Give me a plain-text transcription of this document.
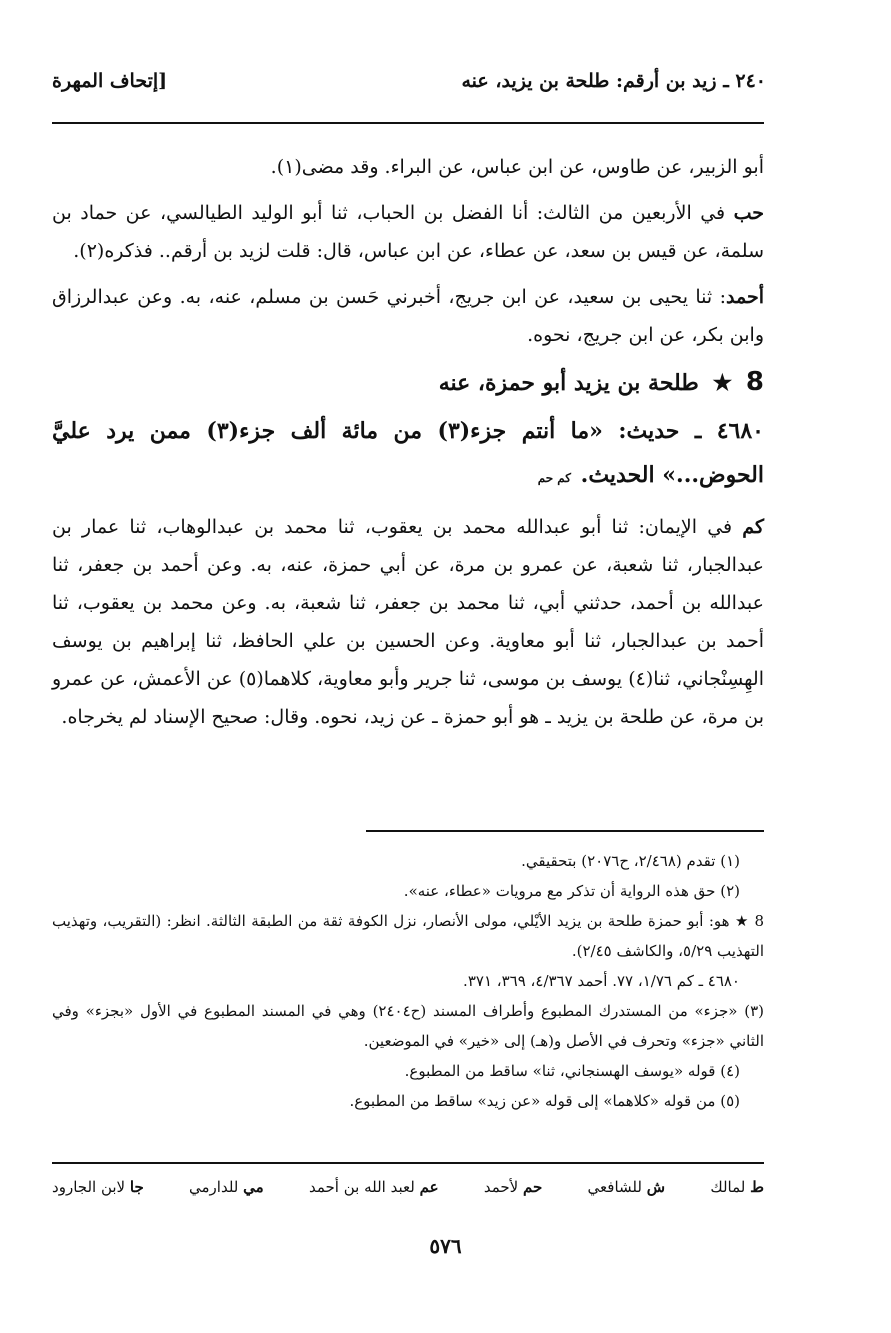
٢٤٠ ـ زيد بن أرقم: طلحة بن يزيد، عنه
[إتحاف المهرة

أبو الزبير، عن طاوس، عن ابن عباس، عن البراء. وقد مضى(١).

حب في الأربعين من الثالث: أنا الفضل بن الحباب، ثنا أبو الوليد الطيالسي، عن حماد بن سلمة، عن قيس بن سعد، عن عطاء، عن ابن عباس، قال: قلت لزيد بن أرقم.. فذكره(٢).

أحمد: ثنا يحيى بن سعيد، عن ابن جريج، أخبرني حَسن بن مسلم، عنه، به. وعن عبدالرزاق وابن بكر، عن ابن جريج، نحوه.

8 ★ طلحة بن يزيد أبو حمزة، عنه
٤٦٨٠ ـ حديث: «ما أنتم جزء(٣) من مائة ألف جزء(٣) ممن يرد عليَّ الحوض...» الحديث. كم حم

كم في الإيمان: ثنا أبو عبدالله محمد بن يعقوب، ثنا محمد بن عبدالوهاب، ثنا عمار بن عبدالجبار، ثنا شعبة، عن عمرو بن مرة، عن أبي حمزة، عنه، به. وعن أحمد بن جعفر، ثنا عبدالله بن أحمد، حدثني أبي، ثنا محمد بن جعفر، ثنا شعبة، به. وعن محمد بن يعقوب، ثنا أحمد بن عبدالجبار، ثنا أبو معاوية. وعن الحسين بن علي الحافظ، ثنا إبراهيم بن يوسف الهِسِنْجاني، ثنا(٤) يوسف بن موسى، ثنا جرير وأبو معاوية، كلاهما(٥) عن الأعمش، عن عمرو بن مرة، عن طلحة بن يزيد ـ هو أبو حمزة ـ عن زيد، نحوه. وقال: صحيح الإسناد لم يخرجاه.

(١) تقدم (٢/٤٦٨، ح٢٠٧٦) بتحقيقي.

(٢) حق هذه الرواية أن تذكر مع مرويات «عطاء، عنه».

8 ★ هو: أبو حمزة طلحة بن يزيد الأيْلي، مولى الأنصار، نزل الكوفة ثقة من الطبقة الثالثة. انظر: (التقريب، وتهذيب التهذيب ٥/٢٩، والكاشف ٢/٤٥).

٤٦٨٠ ـ كم ١/٧٦، ٧٧. أحمد ٤/٣٦٧، ٣٦٩، ٣٧١.

(٣) «جزء» من المستدرك المطبوع وأطراف المسند (ح٢٤٠٤) وهي في المسند المطبوع في الأول «بجزء» وفي الثاني «جزء» وتحرف في الأصل و(هـ) إلى «خير» في الموضعين.

(٤) قوله «يوسف الهسنجاني، ثنا» ساقط من المطبوع.

(٥) من قوله «كلاهما» إلى قوله «عن زيد» ساقط من المطبوع.

ط لمالك
ش للشافعي
حم لأحمد
عم لعبد الله بن أحمد
مي للدارمي
جا لابن الجارود
٥٧٦
